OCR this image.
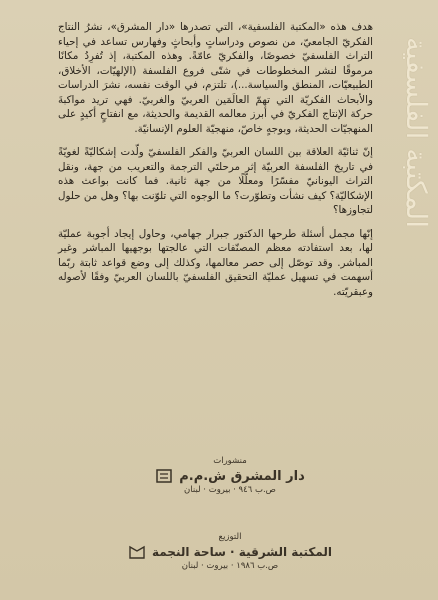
المكتبة الفلسفية

هدف هذه «المكتبة الفلسفية»، التي تصدرها «دار المشرق»، نشرُ النتاج الفكريّ الجامعيّ، من نصوص ودراساتٍ وأبحاثٍ وفهارس تساعد في إحياء التراث الفلسفيّ خصوصًا، والفكريّ عامّةً. وهذه المكتبة، إذ تُفرِدُ مكانًا مرموقًا لنشر المخطوطات في شتّى فروع الفلسفة (الإلهيّات، الأخلاق، الطبيعيّات، المنطق والسياسة...)، تلتزم، في الوقت نفسه، نشرَ الدراسات والأبحاث الفكريّة التي تهمّ العالَمَين العربيّ والغربيّ. فهي تريد مواكبةَ حركة الإنتاج الفكريّ في أبرز معالمه القديمة والحديثة، مع انفتاحٍ أكيدٍ على المنهجيّات الحديثة، وبوجهٍ خاصّ، منهجيّة العلوم الإنسانيّة.

إنّ ثنائيّة العلاقة بين اللسان العربيّ والفكر الفلسفيّ ولّدت إشكاليّةً لغويّةً في تاريخ الفلسفة العربيّة إثر مرحلتَي الترجمة والتعريب من جهة، ونقل التراث اليونانيّ مفسّرًا ومعلّلًا من جهة ثانية. فما كانت بواعث هذه الإشكاليّة؟ كيف نشأت وتطوّرت؟ ما الوجوه التي تلوّنت بها؟ وهل من حلول لتجاوزها؟

إنّها مجمل أسئلة طرحها الدكتور جبرار جهامي، وحاول إيجاد أجوبة عمليّة لها، بعد استفادته معظم المصنّفات التي عالجتها بوجهيها المباشر وغير المباشر. وقد توصّل إلى حصر معالمها، وكذلك إلى وضع قواعد ثابتة ربّما أسهمت في تسهيل عمليّة التحقيق الفلسفيّ باللسان العربيّ وفقًا لأصوله وعبقريّته.

منشورات
دار المشرق ش.م.م
ص.ب ٩٤٦ · بيروت · لبنان
التوزيع
المكتبة الشرقية · ساحة النجمة
ص.ب ١٩٨٦ · بيروت · لبنان
